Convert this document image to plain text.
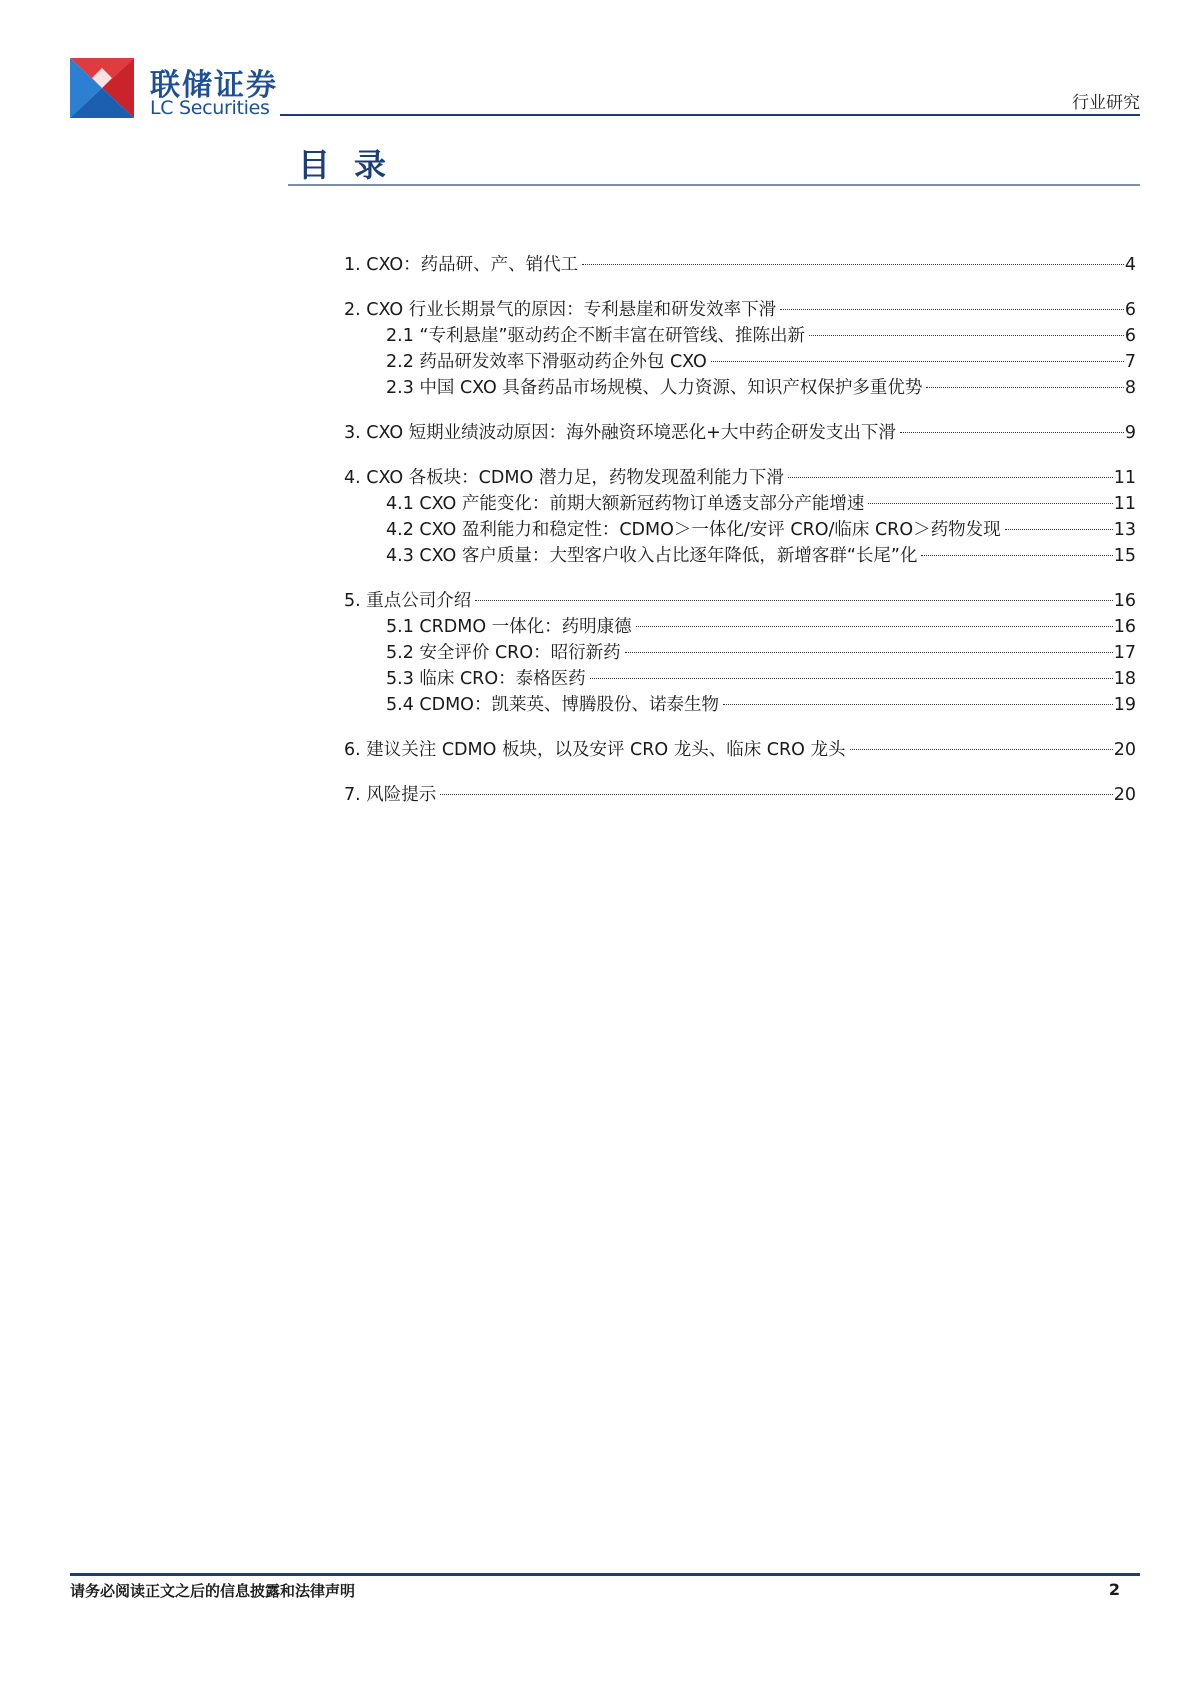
联储证券
LC Securities	行业研究
目录
1. CXO：药品研、产、销代工	4
2. CXO 行业长期景气的原因：专利悬崖和研发效率下滑	6
2.1 “专利悬崖”驱动药企不断丰富在研管线、推陈出新	6
2.2 药品研发效率下滑驱动药企外包 CXO	7
2.3 中国 CXO 具备药品市场规模、人力资源、知识产权保护多重优势	8
3. CXO 短期业绩波动原因：海外融资环境恶化+大中药企研发支出下滑	9
4. CXO 各板块：CDMO 潜力足，药物发现盈利能力下滑	11
4.1 CXO 产能变化：前期大额新冠药物订单透支部分产能增速	11
4.2 CXO 盈利能力和稳定性：CDMO＞一体化/安评 CRO/临床 CRO＞药物发现	13
4.3 CXO 客户质量：大型客户收入占比逐年降低，新增客群“长尾”化	15
5. 重点公司介绍	16
5.1 CRDMO 一体化：药明康德	16
5.2 安全评价 CRO：昭衍新药	17
5.3 临床 CRO：泰格医药	18
5.4 CDMO：凯莱英、博腾股份、诺泰生物	19
6. 建议关注 CDMO 板块，以及安评 CRO 龙头、临床 CRO 龙头	20
7. 风险提示	20
请务必阅读正文之后的信息披露和法律声明	2
